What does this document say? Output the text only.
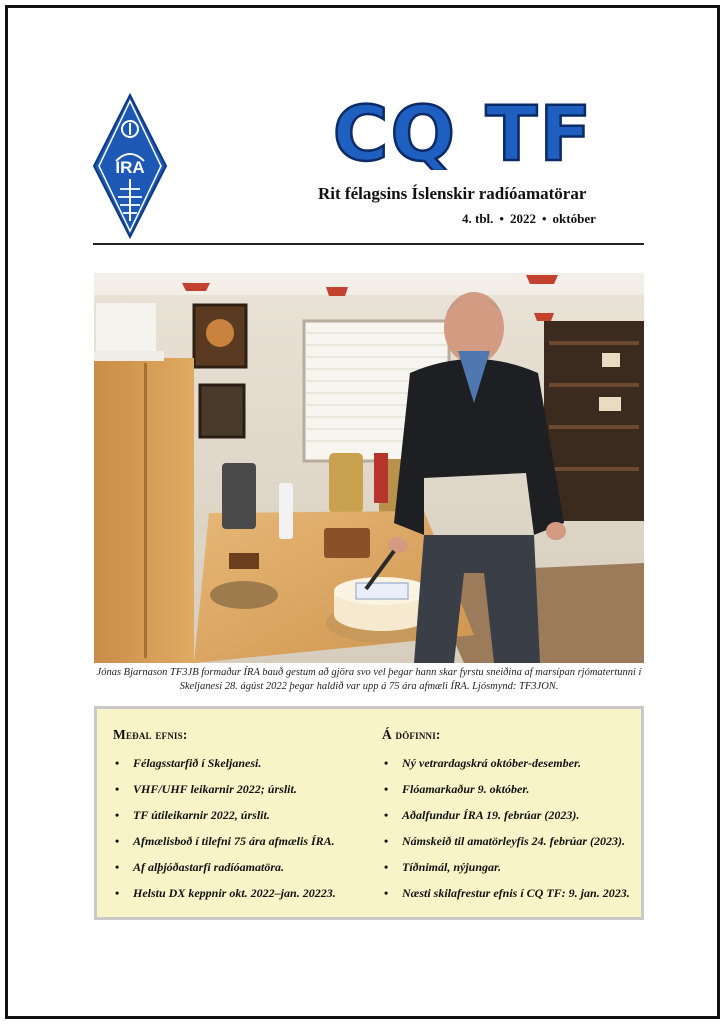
ÍRA CQ TF
Rit félagsins Íslenskir radíóamatörar
4. tbl. • 2022 • október
Jónas Bjarnason TF3JB formaður ÍRA bauð gestum að gjöra svo vel þegar hann skar fyrstu sneiðina af marsípan rjómatertunni í Skeljanesi 28. ágúst 2022 þegar haldið var upp á 75 ára afmæli ÍRA. Ljósmynd: TF3JON.
Meðal efnis:
• Félagsstarfið í Skeljanesi.
• VHF/UHF leikarnir 2022; úrslit.
• TF útileikarnir 2022, úrslit.
• Afmælisboð í tilefni 75 ára afmælis ÍRA.
• Af alþjóðastarfi radíóamatöra.
• Helstu DX keppnir okt. 2022–jan. 20223.
Á döfinni:
• Ný vetrardagskrá október-desember.
• Flóamarkaður 9. október.
• Aðalfundur ÍRA 19. febrúar (2023).
• Námskeið til amatörleyfis 24. febrúar (2023).
• Tíðnimál, nýjungar.
• Næsti skilafrestur efnis í CQ TF: 9. jan. 2023.
